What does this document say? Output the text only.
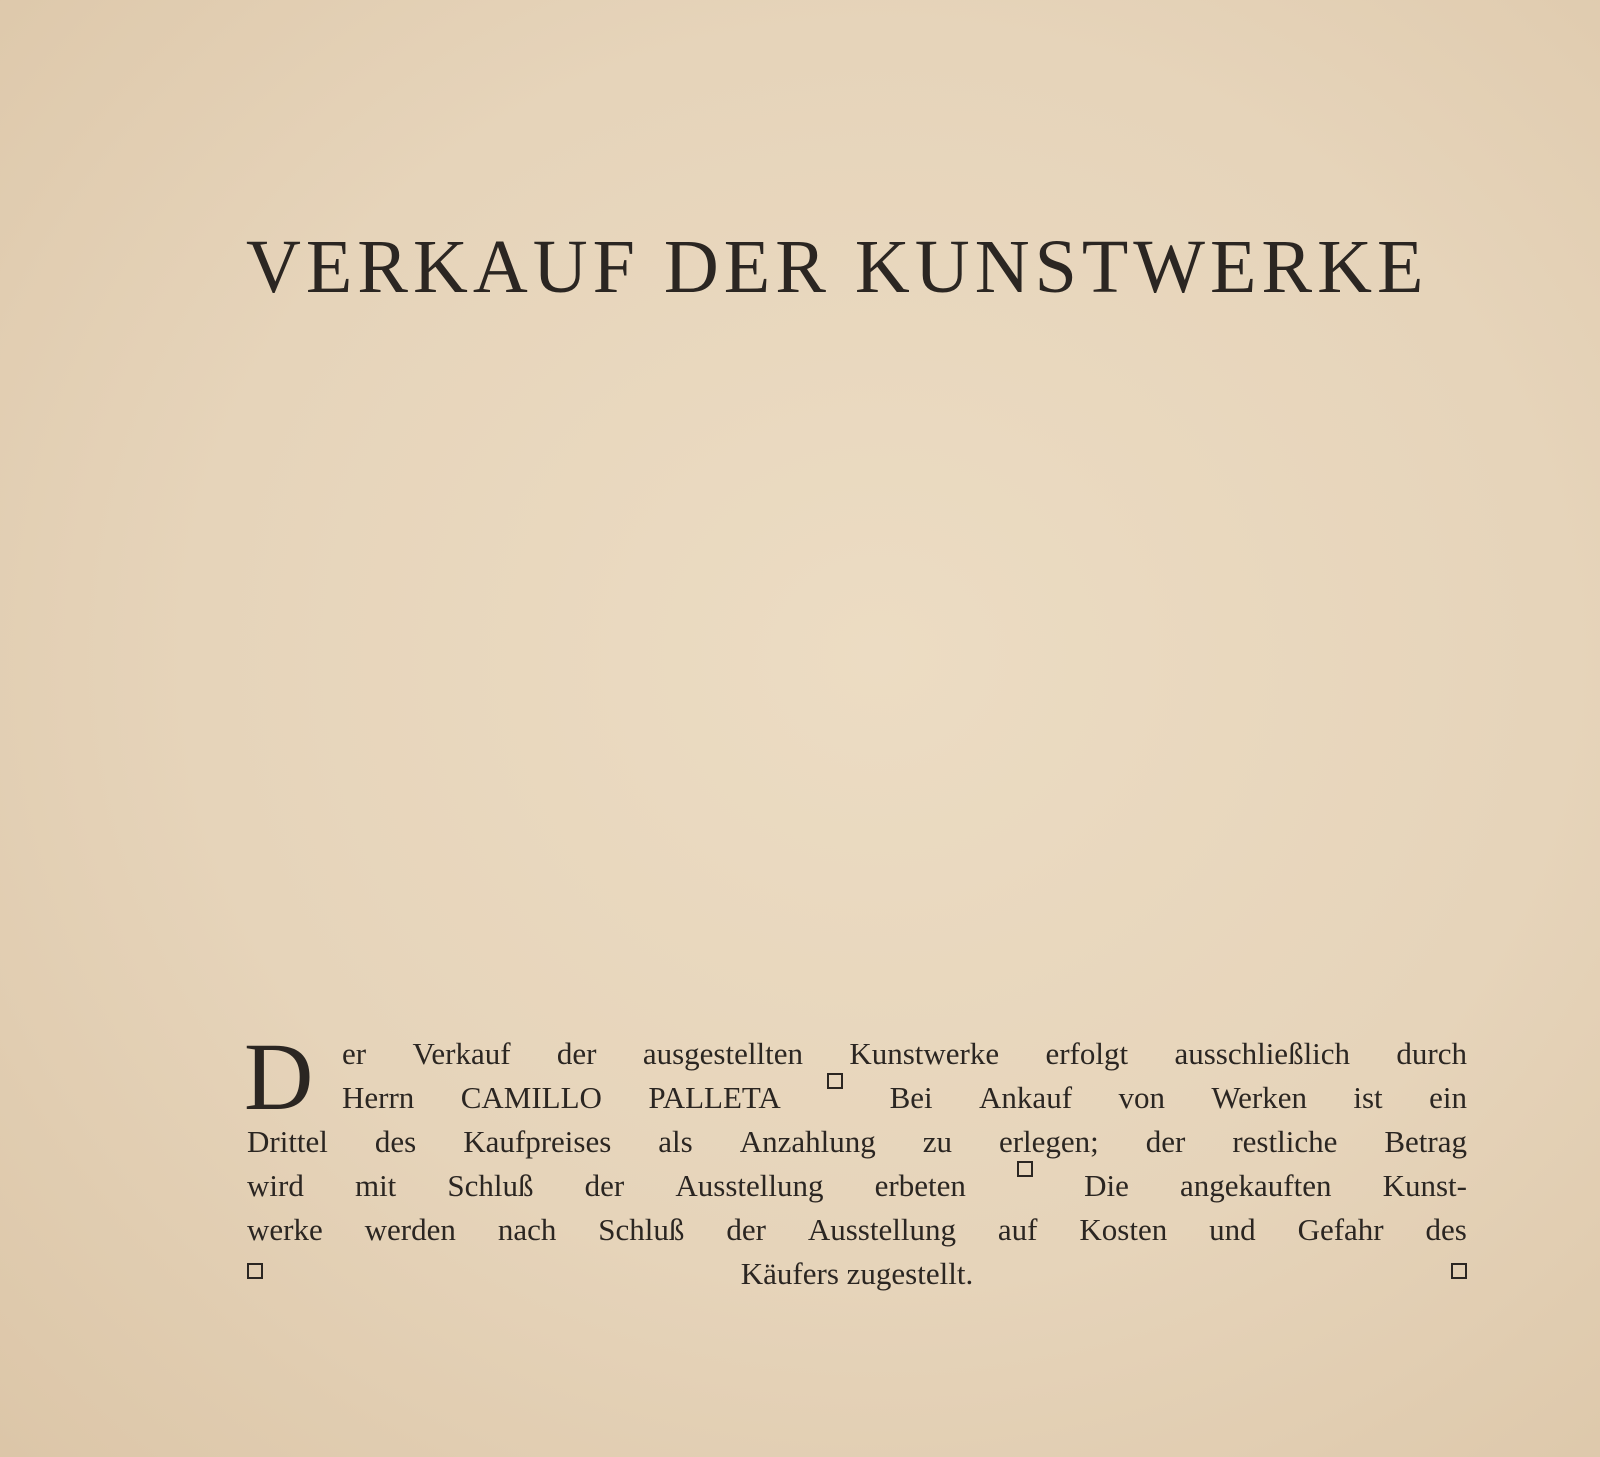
VERKAUF DER KUNSTWERKE
D er Verkauf der ausgestellten Kunstwerke erfolgt ausschließlich durch
Herrn CAMILLO PALLETA	Bei Ankauf von Werken ist ein
Drittel des Kaufpreises als Anzahlung zu erlegen; der restliche Betrag
wird mit Schluß der Ausstellung erbeten	Die angekauften Kunst-
werke werden nach Schluß der Ausstellung auf Kosten und Gefahr des
Käufers zugestellt.
